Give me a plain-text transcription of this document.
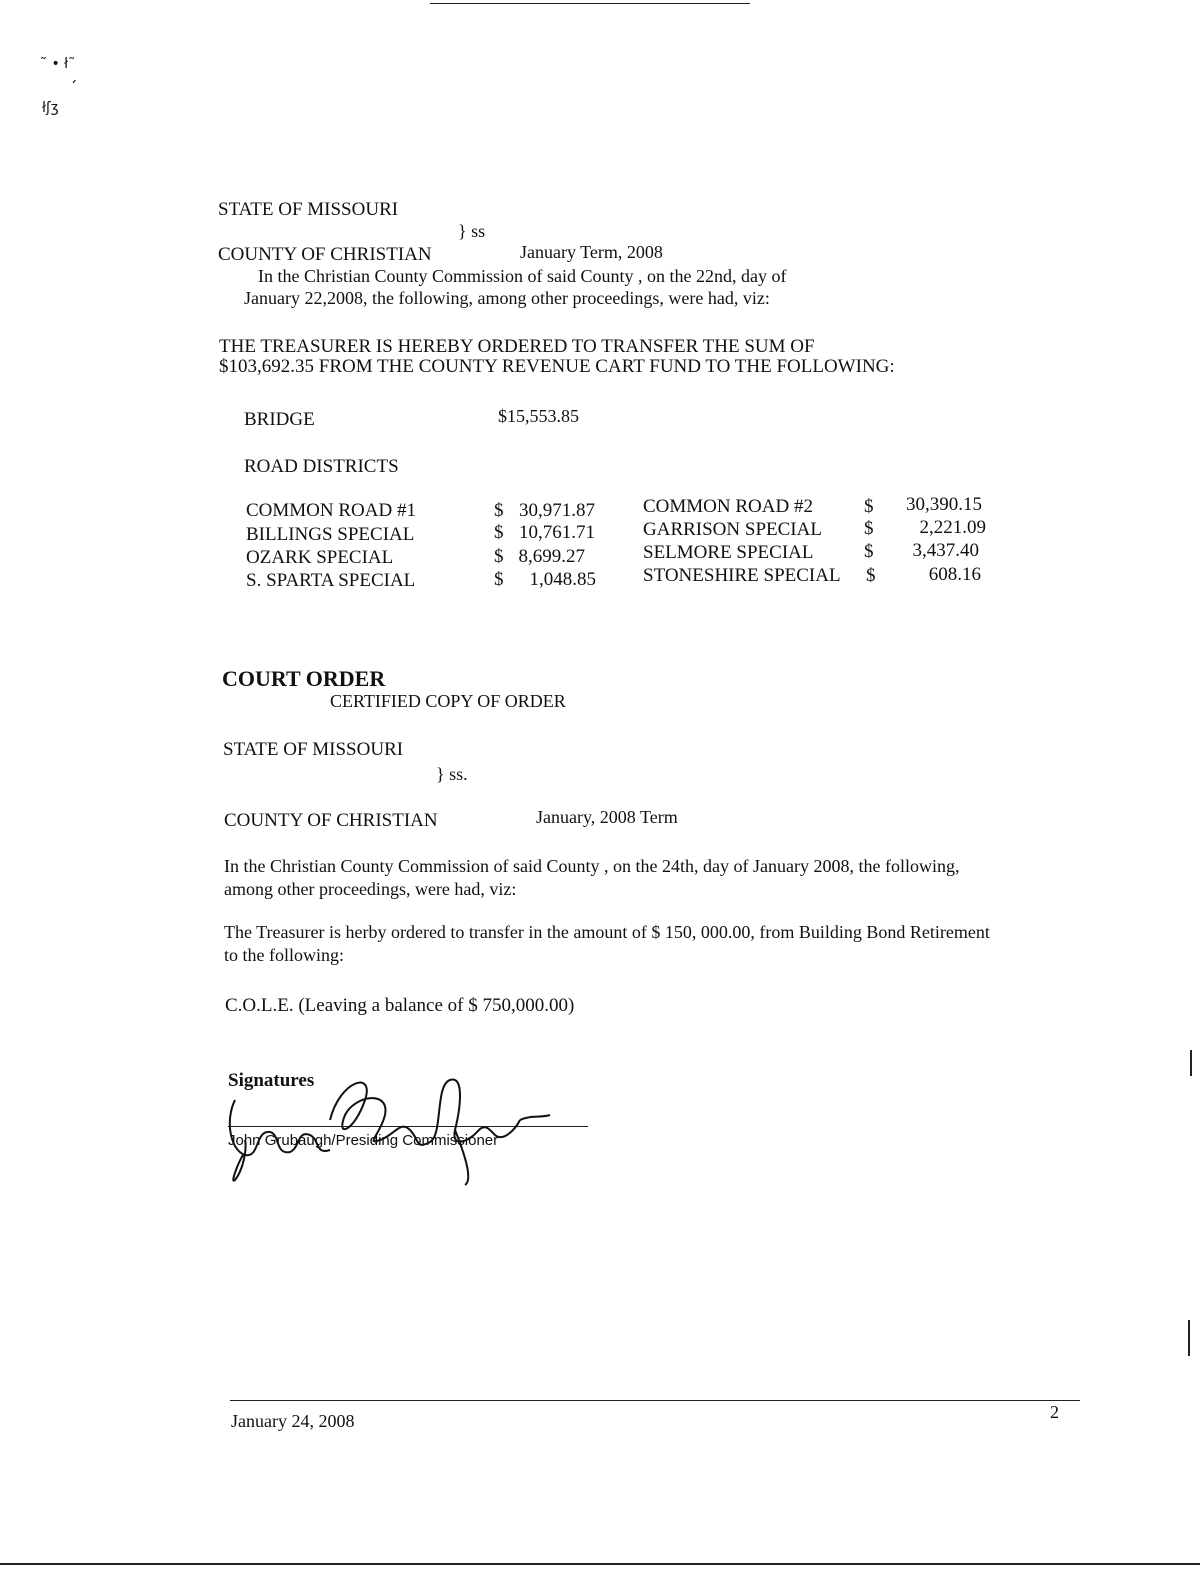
˜ • ł˜
´́
łʃʒ
STATE OF MISSOURI
} ss
COUNTY OF CHRISTIAN	January Term, 2008
In the Christian County Commission of said County , on the 22nd, day of
January 22,2008, the following, among other proceedings, were had, viz:
THE TREASURER IS HEREBY ORDERED TO TRANSFER THE SUM OF
$103,692.35 FROM THE COUNTY REVENUE CART FUND TO THE FOLLOWING:
BRIDGE	$15,553.85
ROAD DISTRICTS
COMMON ROAD #1	$ 30,971.87
BILLINGS SPECIAL	$ 10,761.71
OZARK SPECIAL	$ 8,699.27
S. SPARTA SPECIAL	$	1,048.85
COMMON ROAD #2	$	30,390.15
GARRISON SPECIAL $	2,221.09
SELMORE SPECIAL	$	3,437.40
STONESHIRE SPECIAL $	608.16
COURT ORDER
CERTIFIED COPY OF ORDER
STATE OF MISSOURI
} ss.
COUNTY OF CHRISTIAN	January, 2008 Term
In the Christian County Commission of said County , on the 24th, day of January 2008, the following,
among other proceedings, were had, viz:
The Treasurer is herby ordered to transfer in the amount of $ 150, 000.00, from Building Bond Retirement
to the following:
C.O.L.E. (Leaving a balance of $ 750,000.00)
Signatures
John Grubaugh/Presiding Commissioner
January 24, 2008	2
